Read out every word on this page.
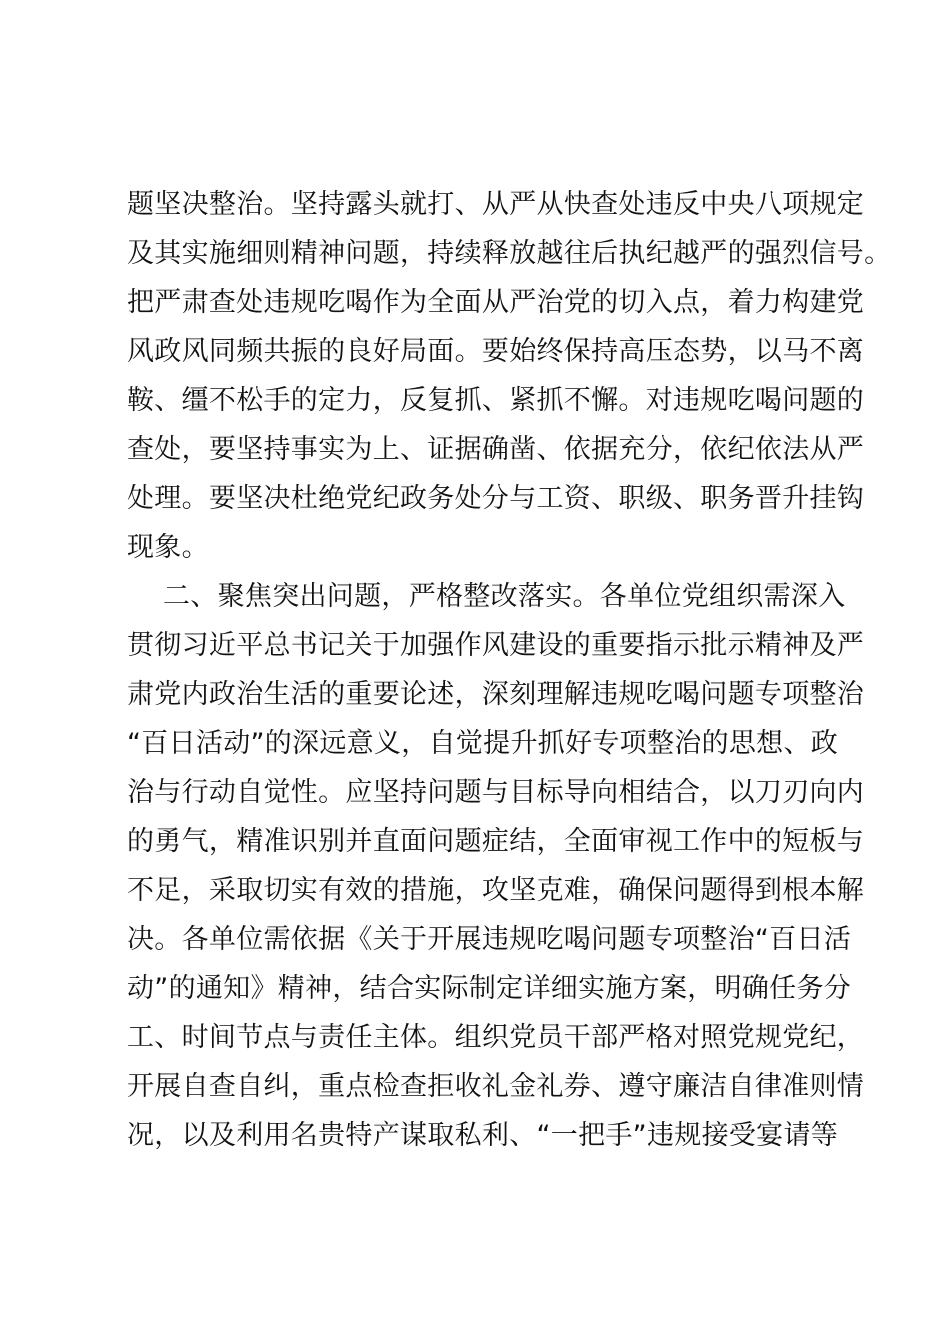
题坚决整治。坚持露头就打、从严从快查处违反中央八项规定
及其实施细则精神问题，持续释放越往后执纪越严的强烈信号。
把严肃查处违规吃喝作为全面从严治党的切入点，着力构建党
风政风同频共振的良好局面。要始终保持高压态势，以马不离
鞍、缰不松手的定力，反复抓、紧抓不懈。对违规吃喝问题的
查处，要坚持事实为上、证据确凿、依据充分，依纪依法从严
处理。要坚决杜绝党纪政务处分与工资、职级、职务晋升挂钩
现象。
二、聚焦突出问题，严格整改落实。各单位党组织需深入
贯彻习近平总书记关于加强作风建设的重要指示批示精神及严
肃党内政治生活的重要论述，深刻理解违规吃喝问题专项整治
“百日活动”的深远意义，自觉提升抓好专项整治的思想、政
治与行动自觉性。应坚持问题与目标导向相结合，以刀刃向内
的勇气，精准识别并直面问题症结，全面审视工作中的短板与
不足，采取切实有效的措施，攻坚克难，确保问题得到根本解
决。各单位需依据《关于开展违规吃喝问题专项整治“百日活
动”的通知》精神，结合实际制定详细实施方案，明确任务分
工、时间节点与责任主体。组织党员干部严格对照党规党纪，
开展自查自纠，重点检查拒收礼金礼券、遵守廉洁自律准则情
况，以及利用名贵特产谋取私利、“一把手”违规接受宴请等
